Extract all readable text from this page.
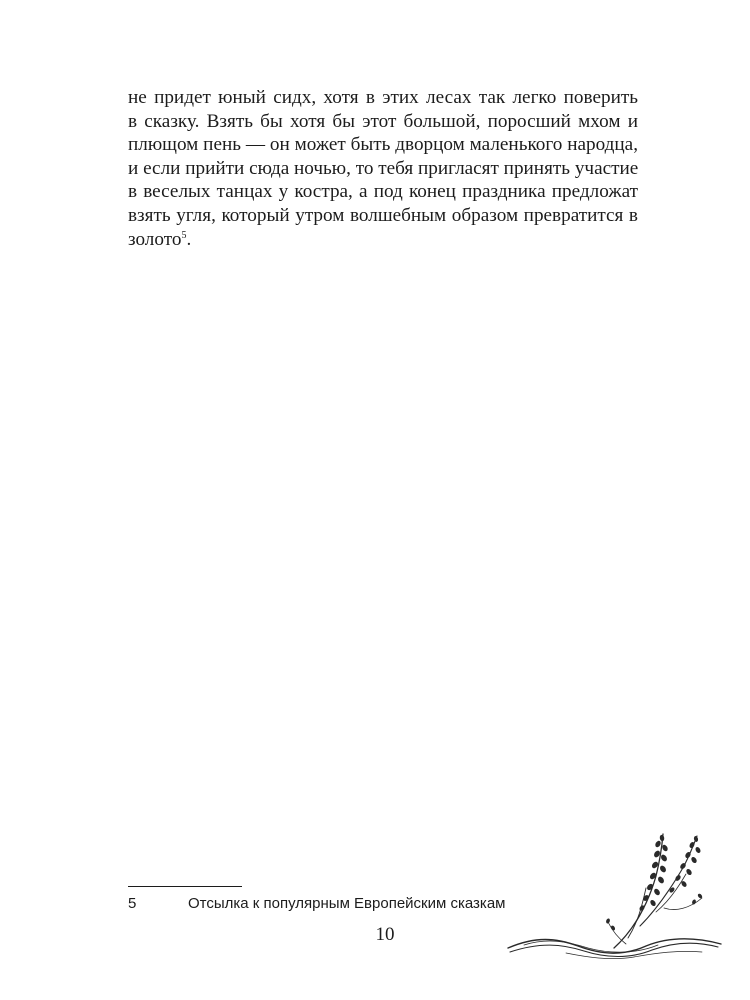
не придет юный сидх, хотя в этих лесах так легко поверить
в сказку. Взять бы хотя бы этот большой, поросший мхом и
плющом пень — он может быть дворцом маленького народца,
и если прийти сюда ночью, то тебя пригласят принять участие
в веселых танцах у костра, а под конец праздника предложат
взять угля, который утром волшебным образом превратится в
золото$^5$.
5	Отсылка к популярным Европейским сказкам
10
